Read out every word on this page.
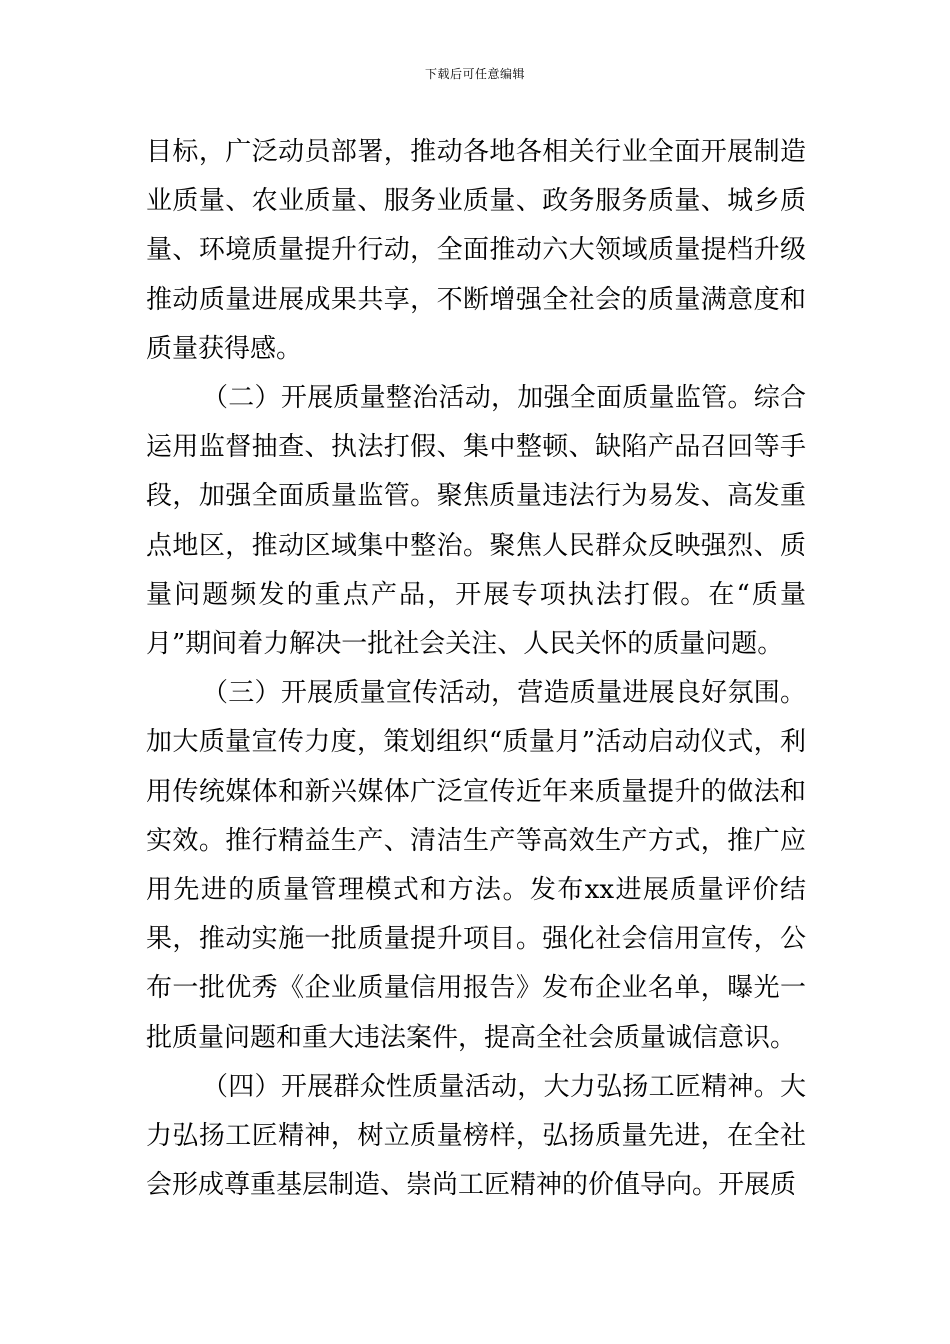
下载后可任意编辑

目标，广泛动员部署，推动各地各相关行业全面开展制造业质量、农业质量、服务业质量、政务服务质量、城乡质量、环境质量提升行动，全面推动六大领域质量提档升级推动质量进展成果共享，不断增强全社会的质量满意度和质量获得感。

（二）开展质量整治活动，加强全面质量监管。综合运用监督抽查、执法打假、集中整顿、缺陷产品召回等手段，加强全面质量监管。聚焦质量违法行为易发、高发重点地区，推动区域集中整治。聚焦人民群众反映强烈、质量问题频发的重点产品，开展专项执法打假。在“质量月”期间着力解决一批社会关注、人民关怀的质量问题。

（三）开展质量宣传活动，营造质量进展良好氛围。加大质量宣传力度，策划组织“质量月”活动启动仪式，利用传统媒体和新兴媒体广泛宣传近年来质量提升的做法和实效。推行精益生产、清洁生产等高效生产方式，推广应用先进的质量管理模式和方法。发布xx进展质量评价结果，推动实施一批质量提升项目。强化社会信用宣传，公布一批优秀《企业质量信用报告》发布企业名单，曝光一批质量问题和重大违法案件，提高全社会质量诚信意识。

（四）开展群众性质量活动，大力弘扬工匠精神。大力弘扬工匠精神，树立质量榜样，弘扬质量先进，在全社会形成尊重基层制造、崇尚工匠精神的价值导向。开展质
